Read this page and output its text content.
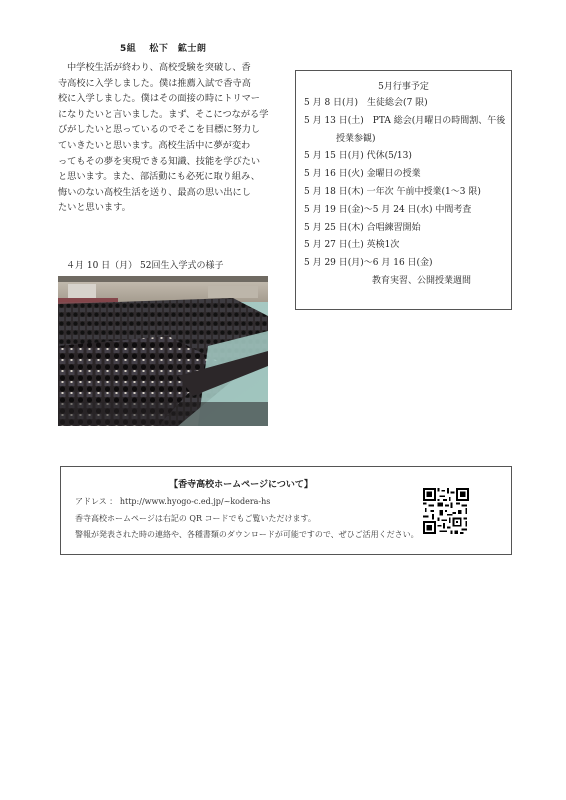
5組　 松下　鉱士朗
中学校生活が終わり、高校受験を突破し、香
寺高校に入学しました。僕は推薦入試で香寺高
校に入学しました。僕はその面接の時にトリマー
になりたいと言いました。まず、そこにつながる学
びがしたいと思っているのでそこを目標に努力し
ていきたいと思います。高校生活中に夢が変わ
ってもその夢を実現できる知識、技能を学びたい
と思います。また、部活動にも必死に取り組み、
悔いのない高校生活を送り、最高の思い出にし
たいと思います。
４月 10 日（月） 52回生入学式の様子
5月行事予定
5 月 8 日(月)　生徒総会(7 限)
5 月 13 日(土)　PTA 総会(月曜日の時間割、午後
授業参観)
5 月 15 日(月) 代休(5/13)
5 月 16 日(火) 金曜日の授業
5 月 18 日(木) 一年次 午前中授業(1～3 限)
5 月 19 日(金)～5 月 24 日(水) 中間考査
5 月 25 日(木) 合唱練習開始
5 月 27 日(土) 英検1次
5 月 29 日(月)～6 月 16 日(金)
教育実習、公開授業週間
【香寺高校ホームページについて】
アドレス ： http://www.hyogo-c.ed.jp/~kodera-hs
香寺高校ホームページは右記の QR コードでもご覧いただけます。
警報が発表された時の連絡や、各種書類のダウンロードが可能ですので、ぜひご活用ください。
